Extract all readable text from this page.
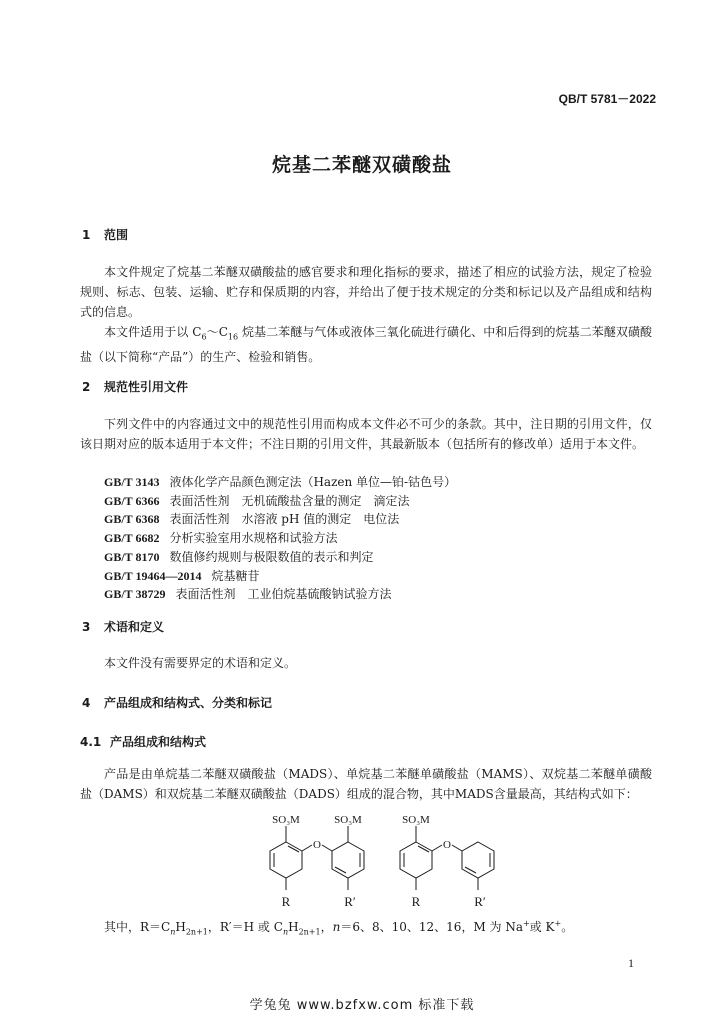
QB/T 5781－2022
烷基二苯醚双磺酸盐
1 范围
本文件规定了烷基二苯醚双磺酸盐的感官要求和理化指标的要求，描述了相应的试验方法，规定了检验规则、标志、包装、运输、贮存和保质期的内容，并给出了便于技术规定的分类和标记以及产品组成和结构式的信息。
本文件适用于以 $C_6\sim C_{16}$ 烷基二苯醚与气体或液体三氧化硫进行磺化、中和后得到的烷基二苯醚双磺酸盐（以下简称“产品”）的生产、检验和销售。
2 规范性引用文件
下列文件中的内容通过文中的规范性引用而构成本文件必不可少的条款。其中，注日期的引用文件，仅该日期对应的版本适用于本文件；不注日期的引用文件，其最新版本（包括所有的修改单）适用于本文件。
GB/T 3143 液体化学产品颜色测定法（Hazen 单位—铂-钴色号）
GB/T 6366 表面活性剂　无机硫酸盐含量的测定　滴定法
GB/T 6368 表面活性剂　水溶液 pH 值的测定　电位法
GB/T 6682 分析实验室用水规格和试验方法
GB/T 8170 数值修约规则与极限数值的表示和判定
GB/T 19464—2014 烷基糖苷
GB/T 38729 表面活性剂　工业伯烷基硫酸钠试验方法
3 术语和定义
本文件没有需要界定的术语和定义。
4 产品组成和结构式、分类和标记
4.1 产品组成和结构式
产品是由单烷基二苯醚双磺酸盐（MADS）、单烷基二苯醚单磺酸盐（MAMS）、双烷基二苯醚单磺酸盐（DAMS）和双烷基二苯醚双磺酸盐（DADS）组成的混合物，其中MADS含量最高，其结构式如下：
SO₃M	SO₃M	SO₃M
O	O
R	R′	R	R′
其中，$R=C_nH_{2n+1}$，R′＝H 或 $C_nH_{2n+1}$，n＝6、8、10、12、16，M 为 Na+或 K+。
1
学兔兔 www.bzfxw.com 标准下载
